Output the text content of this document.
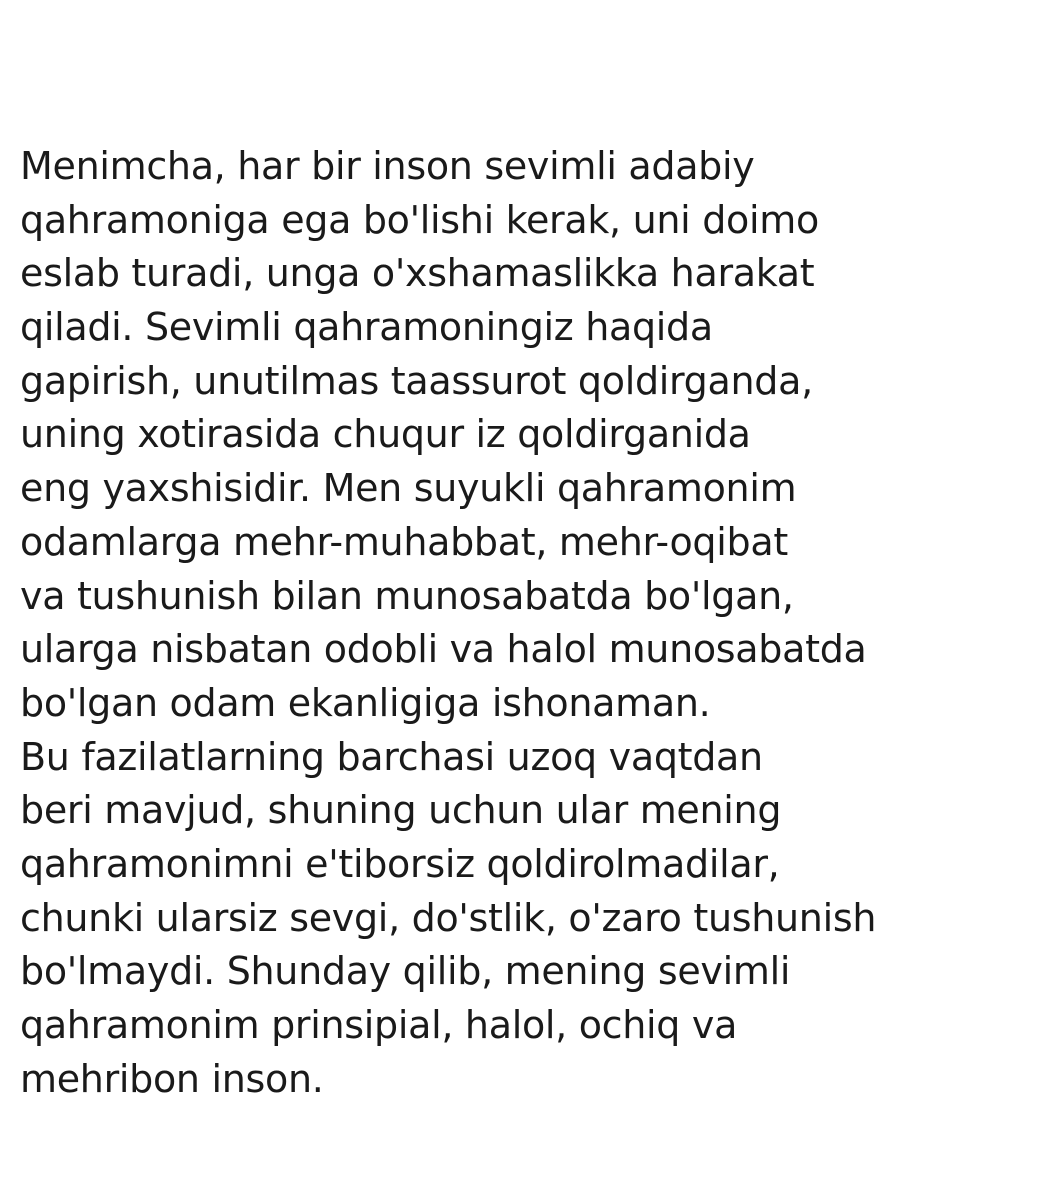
Menimcha, har bir inson sevimli adabiy
qahramoniga ega bo'lishi kerak, uni doimo
eslab turadi, unga o'xshamaslikka harakat
qiladi. Sevimli qahramoningiz haqida
gapirish, unutilmas taassurot qoldirganda,
uning xotirasida chuqur iz qoldirganida
eng yaxshisidir. Men suyukli qahramonim
odamlarga mehr-muhabbat, mehr-oqibat
va tushunish bilan munosabatda bo'lgan,
ularga nisbatan odobli va halol munosabatda
bo'lgan odam ekanligiga ishonaman.
Bu fazilatlarning barchasi uzoq vaqtdan
beri mavjud, shuning uchun ular mening
qahramonimni e'tiborsiz qoldirolmadilar,
chunki ularsiz sevgi, do'stlik, o'zaro tushunish
bo'lmaydi. Shunday qilib, mening sevimli
qahramonim prinsipial, halol, ochiq va
mehribon inson.
